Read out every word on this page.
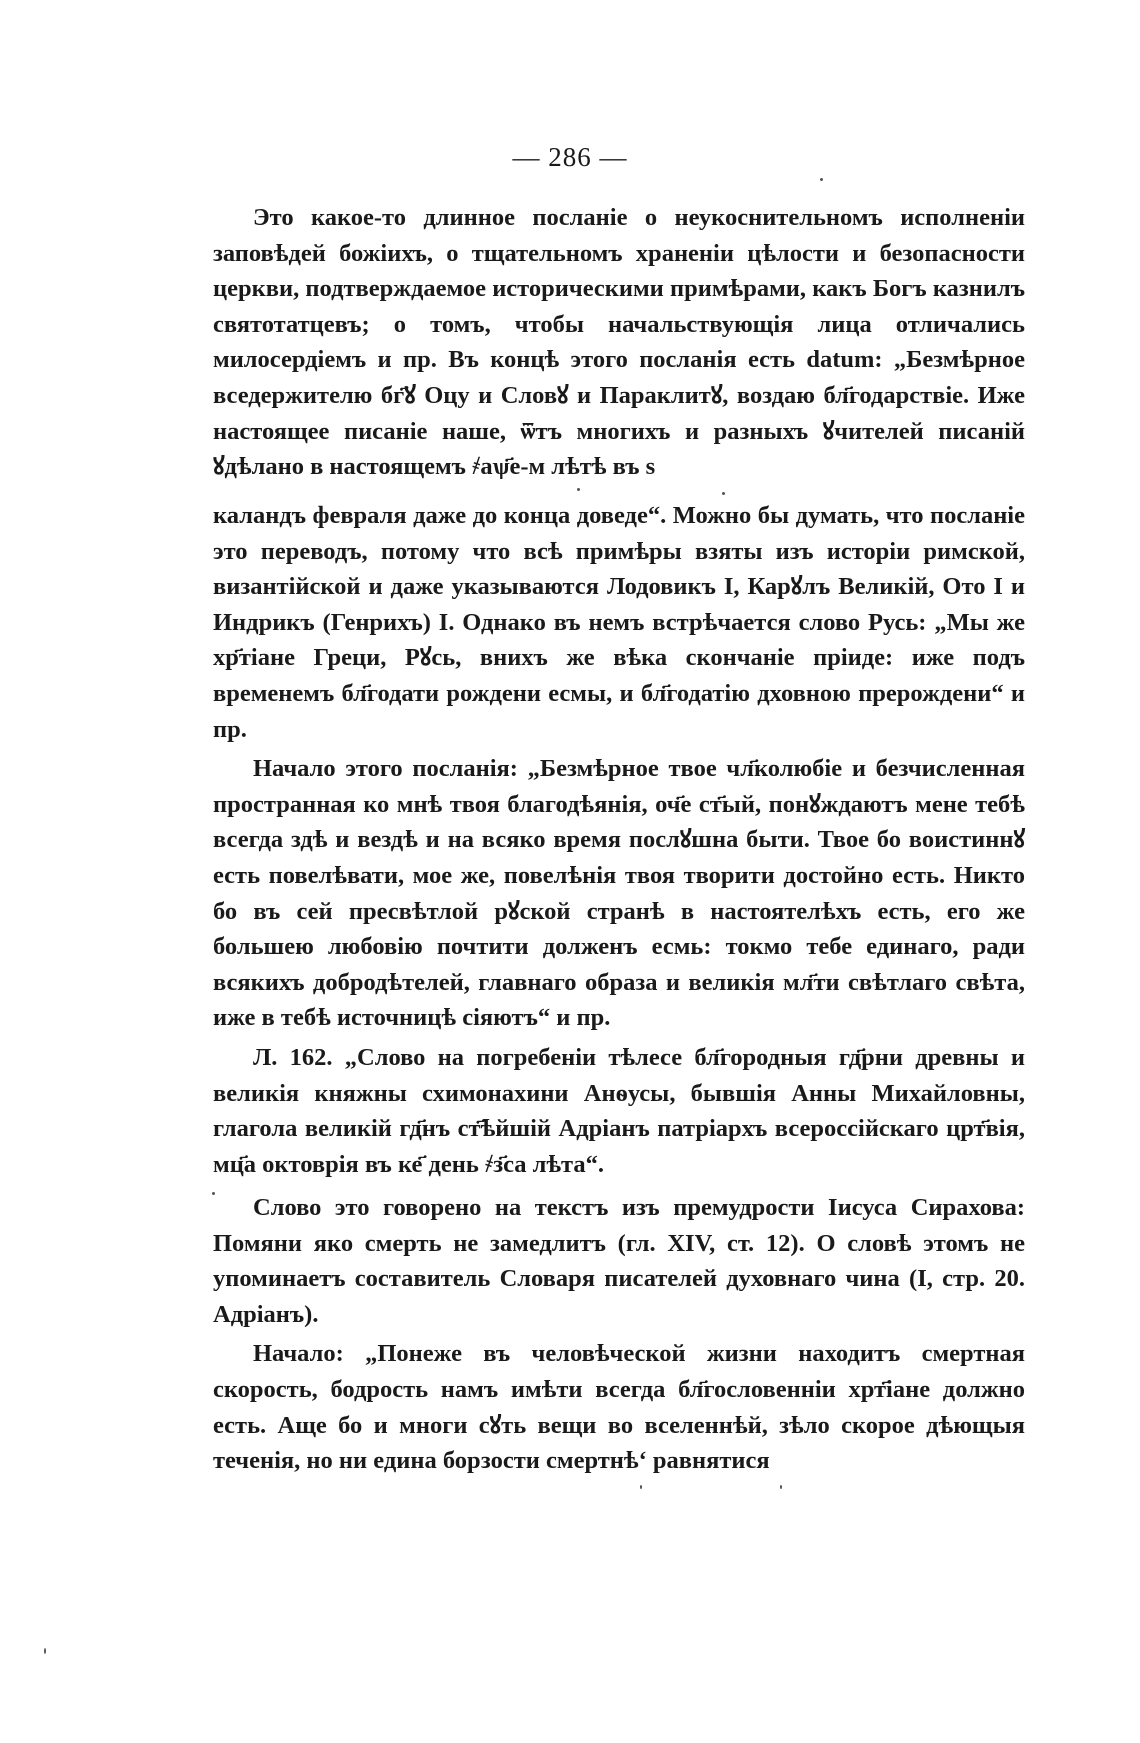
— 286 —

Это какое-то длинное посланіе о неукоснительномъ исполненіи заповѣдей божіихъ, о тщательномъ храненіи цѣлости и безопасности церкви, подтверждаемое историческими примѣрами, какъ Богъ казнилъ святотатцевъ; о томъ, чтобы начальствующія лица отличались милосердіемъ и пр. Въ концѣ этого посланія есть datum: „Безмѣрное вседержителю бг҃ꙋ Оцу и Словꙋ и Параклитꙋ, воздаю бл҃годарствіе. Иже настоящее писаніе наше, ѿтъ многихъ и разныхъ ꙋчителей писаній ꙋдѣлано в настоящемъ ҂аѱ҃е-м лѣтѣ въ ѕ

каландъ февраля даже до конца доведе“. Можно бы думать, что посланіе это переводъ, потому что всѣ примѣры взяты изъ исторіи римской, византійской и даже указываются Лодовикъ I, Карꙋлъ Великій, Ото I и Индрикъ (Генрихъ) I. Однако въ немъ встрѣчается слово Русь: „Мы же хр҃тіане Греци, Рꙋсь, вниxъ же вѣка скончаніе пріиде: иже подъ временемъ бл҃годати рождени есмы, и бл҃годатію дховною прерождени“ и пр.

Начало этого посланія: „Безмѣрное твое чл҃колюбіе и безчисленная пространная ко мнѣ твоя благодѣянія, оч҃е ст҃ый, понꙋждаютъ мене тебѣ всегда здѣ и вездѣ и на всяко время послꙋшна быти. Твое бо воистиннꙋ есть повелѣвати, мое же, повелѣнія твоя творити достойно есть. Никто бо въ сей пресвѣтлой рꙋской странѣ в настоятелѣхъ есть, его же большею любовію почтити долженъ есмь: токмо тебе единаго, ради всякихъ добродѣтелей, главнаго образа и великія мл҃ти свѣтлаго свѣта, иже в тебѣ источницѣ сіяютъ“ и пр.

Л. 162. „Слово на погребеніи тѣлесе бл҃городныя гд҃рни древны и великія княжны схимонахини Анѳусы, бывшія Анны Михайловны, глагола великій гд҃нъ ст҃ѣйшій Адріанъ патріархъ всероссійскаго црт҃вія, мц҃а октоврія въ ке҃ день ҂з҃са лѣта“.

Слово это говорено на текстъ изъ премудрости Іисуса Сираховa: Помяни яко смерть не замедлитъ (гл. XIV, ст. 12). О словѣ этомъ не упоминаетъ составитель Словаря писателей духовнаго чина (I, стр. 20. Адріанъ).

Начало: „Понеже въ человѣческой жизни находитъ смертная скорость, бодрость намъ имѣти всегда бл҃гословенніи хрт҃іане должно есть. Аще бо и многи сꙋть вещи во вселеннѣй, зѣло скорое дѣющыя теченія, но ни едина борзости смертнѣ‘ равнятися
